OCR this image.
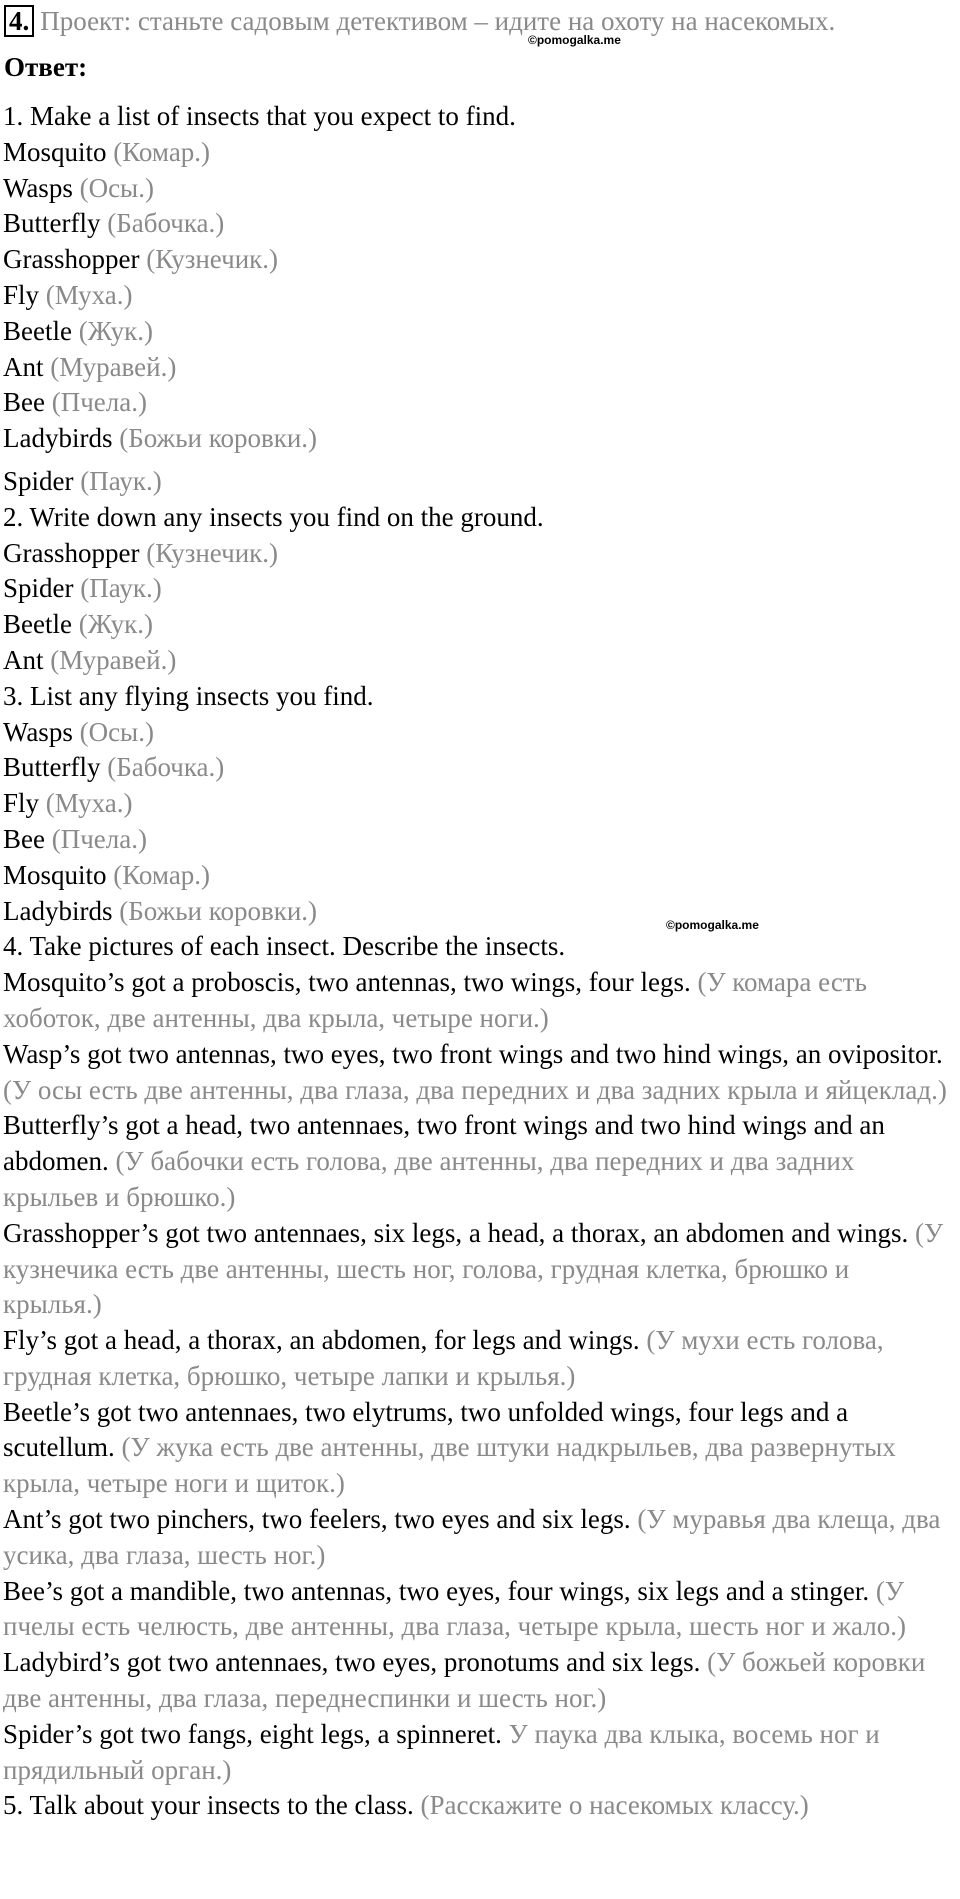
4. Проект: станьте садовым детективом – идите на охоту на насекомых.
©pomogalka.me
Ответ:

1. Make a list of insects that you expect to find.

Mosquito (Комар.)

Wasps (Осы.)

Butterfly (Бабочка.)

Grasshopper (Кузнечик.)

Fly (Муха.)

Beetle (Жук.)

Ant (Муравей.)

Bee (Пчела.)

Ladybirds (Божьи коровки.)

Spider (Паук.)

2. Write down any insects you find on the ground.

Grasshopper (Кузнечик.)

Spider (Паук.)

Beetle (Жук.)

Ant (Муравей.)

3. List any flying insects you find.

Wasps (Осы.)

Butterfly (Бабочка.)

Fly (Муха.)

Bee (Пчела.)

Mosquito (Комар.)

Ladybirds (Божьи коровки.)

4. Take pictures of each insect. Describe the insects.

Mosquito’s got a proboscis, two antennas, two wings, four legs. (У комара есть хоботок, две антенны, два крыла, четыре ноги.)

Wasp’s got two antennas, two eyes, two front wings and two hind wings, an ovipositor. (У осы есть две антенны, два глаза, два передних и два задних крыла и яйцеклад.)

Butterfly’s got a head, two antennaes, two front wings and two hind wings and an abdomen. (У бабочки есть голова, две антенны, два передних и два задних крыльев и брюшко.)

Grasshopper’s got two antennaes, six legs, a head, a thorax, an abdomen and wings. (У кузнечика есть две антенны, шесть ног, голова, грудная клетка, брюшко и крылья.)

Fly’s got a head, a thorax, an abdomen, for legs and wings. (У мухи есть голова, грудная клетка, брюшко, четыре лапки и крылья.)

Beetle’s got two antennaes, two elytrums, two unfolded wings, four legs and a scutellum. (У жука есть две антенны, две штуки надкрыльев, два развернутых крыла, четыре ноги и щиток.)

Ant’s got two pinchers, two feelers, two eyes and six legs. (У муравья два клеща, два усика, два глаза, шесть ног.)

Bee’s got a mandible, two antennas, two eyes, four wings, six legs and a stinger. (У пчелы есть челюсть, две антенны, два глаза, четыре крыла, шесть ног и жало.)

Ladybird’s got two antennaes, two eyes, pronotums and six legs. (У божьей коровки две антенны, два глаза, переднеспинки и шесть ног.)

Spider’s got two fangs, eight legs, a spinneret. У паука два клыка, восемь ног и прядильный орган.)

5. Talk about your insects to the class. (Расскажите о насекомых классу.)

©pomogalka.me
